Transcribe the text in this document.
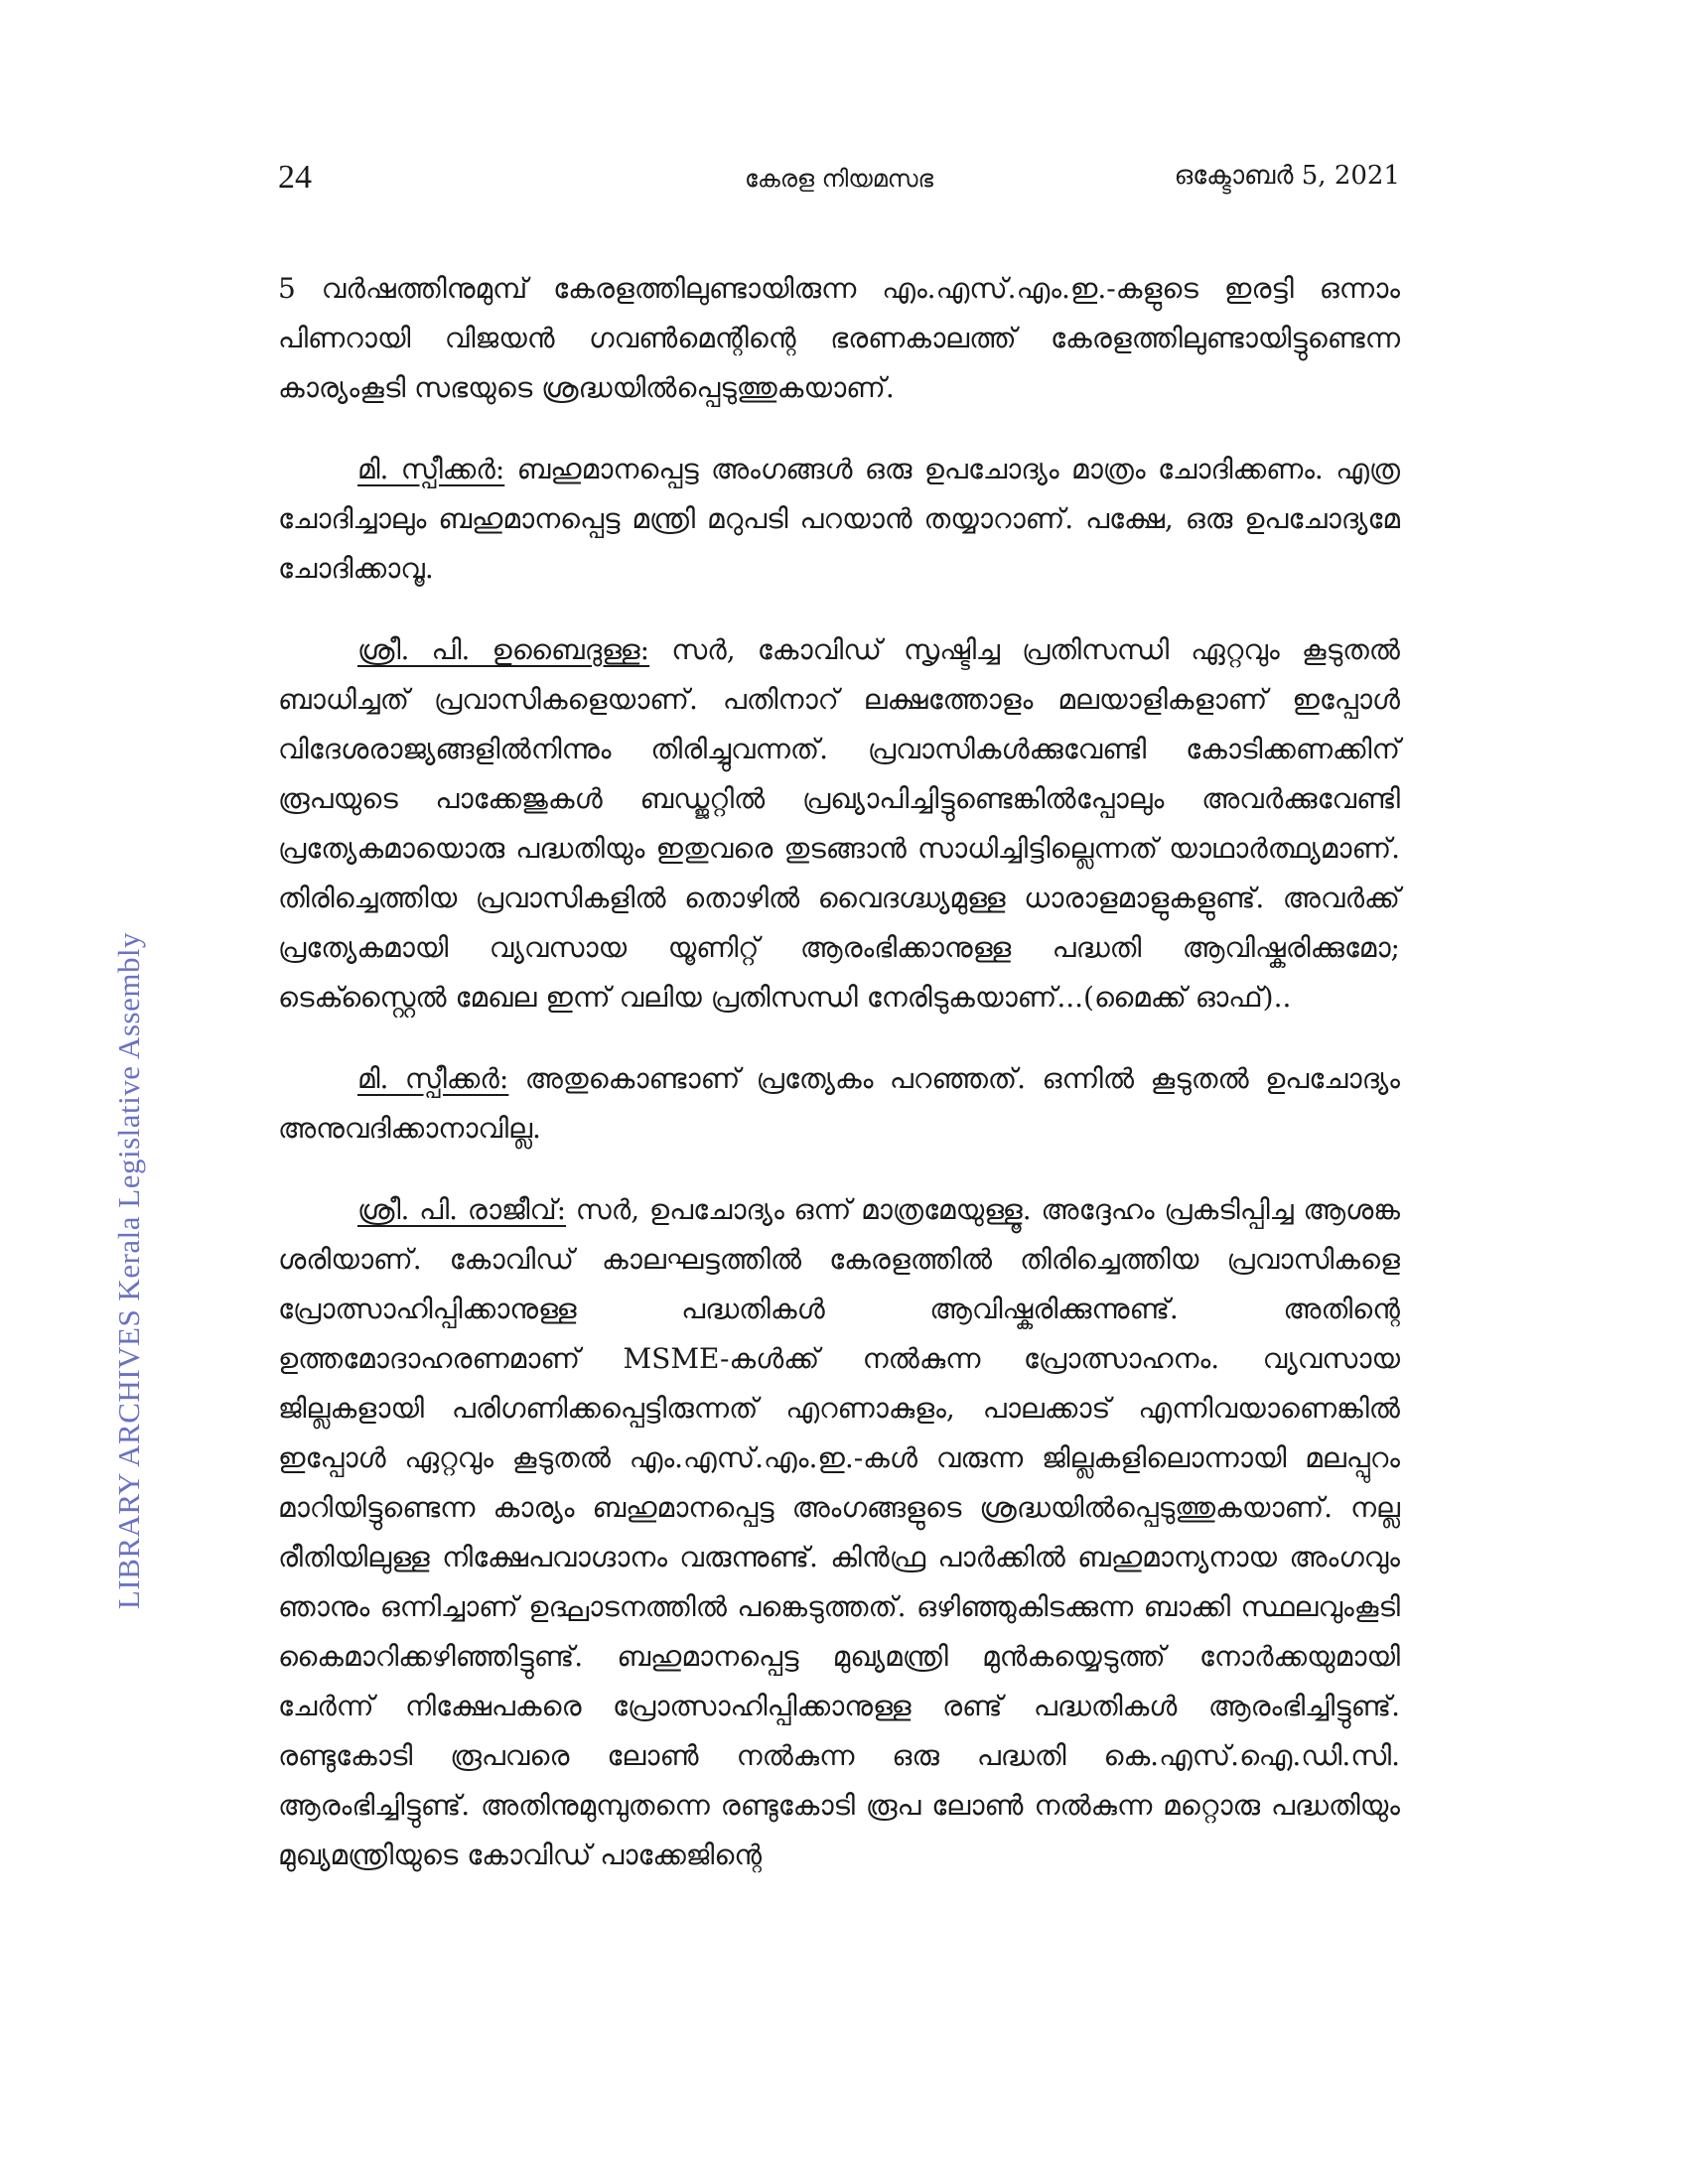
24	കേരള നിയമസഭ	ഒക്ടോബർ 5, 2021
LIBRARY ARCHIVES Kerala Legislative Assembly

5 വർഷത്തിനുമുമ്പ് കേരളത്തിലുണ്ടായിരുന്ന എം.എസ്.എം.ഇ.-കളുടെ ഇരട്ടി ഒന്നാം പിണറായി വിജയൻ ഗവൺമെന്റിന്റെ ഭരണകാലത്ത് കേരളത്തിലുണ്ടായിട്ടുണ്ടെന്ന കാര്യംകൂടി സഭയുടെ ശ്രദ്ധയിൽപ്പെടുത്തുകയാണ്.

മി. സ്പീക്കർ: ബഹുമാനപ്പെട്ട അംഗങ്ങൾ ഒരു ഉപചോദ്യം മാത്രം ചോദിക്കണം. എത്ര ചോദിച്ചാലും ബഹുമാനപ്പെട്ട മന്ത്രി മറുപടി പറയാൻ തയ്യാറാണ്. പക്ഷേ, ഒരു ഉപചോദ്യമേ ചോദിക്കാവൂ.

ശ്രീ. പി. ഉബൈദുള്ള: സർ, കോവിഡ് സൃഷ്ടിച്ച പ്രതിസന്ധി ഏറ്റവും കൂടുതൽ ബാധിച്ചത് പ്രവാസികളെയാണ്. പതിനാറ് ലക്ഷത്തോളം മലയാളികളാണ് ഇപ്പോൾ വിദേശരാജ്യങ്ങളിൽനിന്നും തിരിച്ചുവന്നത്. പ്രവാസികൾക്കുവേണ്ടി കോടിക്കണക്കിന് രൂപയുടെ പാക്കേജുകൾ ബഡ്ജറ്റിൽ പ്രഖ്യാപിച്ചിട്ടുണ്ടെങ്കിൽപ്പോലും അവർക്കുവേണ്ടി പ്രത്യേകമായൊരു പദ്ധതിയും ഇതുവരെ തുടങ്ങാൻ സാധിച്ചിട്ടില്ലെന്നത് യാഥാർത്ഥ്യമാണ്. തിരിച്ചെത്തിയ പ്രവാസികളിൽ തൊഴിൽ വൈദഗ്ദ്ധ്യമുള്ള ധാരാളമാളുകളുണ്ട്. അവർക്ക് പ്രത്യേകമായി വ്യവസായ യൂണിറ്റ് ആരംഭിക്കാനുള്ള പദ്ധതി ആവിഷ്കരിക്കുമോ; ടെക്സ്റ്റൈൽ മേഖല ഇന്ന് വലിയ പ്രതിസന്ധി നേരിടുകയാണ്...(മൈക്ക് ഓഫ്)..

മി. സ്പീക്കർ: അതുകൊണ്ടാണ് പ്രത്യേകം പറഞ്ഞത്. ഒന്നിൽ കൂടുതൽ ഉപചോദ്യം അനുവദിക്കാനാവില്ല.

ശ്രീ. പി. രാജീവ്: സർ, ഉപചോദ്യം ഒന്ന് മാത്രമേയുള്ളൂ. അദ്ദേഹം പ്രകടിപ്പിച്ച ആശങ്ക ശരിയാണ്. കോവിഡ് കാലഘട്ടത്തിൽ കേരളത്തിൽ തിരിച്ചെത്തിയ പ്രവാസികളെ പ്രോത്സാഹിപ്പിക്കാനുള്ള പദ്ധതികൾ ആവിഷ്കരിക്കുന്നുണ്ട്. അതിന്റെ ഉത്തമോദാഹരണമാണ് MSME-കൾക്ക് നൽകുന്ന പ്രോത്സാഹനം. വ്യവസായ ജില്ലകളായി പരിഗണിക്കപ്പെട്ടിരുന്നത് എറണാകുളം, പാലക്കാട് എന്നിവയാണെങ്കിൽ ഇപ്പോൾ ഏറ്റവും കൂടുതൽ എം.എസ്.എം.ഇ.-കൾ വരുന്ന ജില്ലകളിലൊന്നായി മലപ്പുറം മാറിയിട്ടുണ്ടെന്ന കാര്യം ബഹുമാനപ്പെട്ട അംഗങ്ങളുടെ ശ്രദ്ധയിൽപ്പെടുത്തുകയാണ്. നല്ല രീതിയിലുള്ള നിക്ഷേപവാഗ്ദാനം വരുന്നുണ്ട്. കിൻഫ്ര പാർക്കിൽ ബഹുമാന്യനായ അംഗവും ഞാനും ഒന്നിച്ചാണ് ഉദ്ഘാടനത്തിൽ പങ്കെടുത്തത്. ഒഴിഞ്ഞുകിടക്കുന്ന ബാക്കി സ്ഥലവുംകൂടി കൈമാറിക്കഴിഞ്ഞിട്ടുണ്ട്. ബഹുമാനപ്പെട്ട മുഖ്യമന്ത്രി മുൻകയ്യെടുത്ത് നോർക്കയുമായി ചേർന്ന് നിക്ഷേപകരെ പ്രോത്സാഹിപ്പിക്കാനുള്ള രണ്ട് പദ്ധതികൾ ആരംഭിച്ചിട്ടുണ്ട്. രണ്ടുകോടി രൂപവരെ ലോൺ നൽകുന്ന ഒരു പദ്ധതി കെ.എസ്.ഐ.ഡി.സി. ആരംഭിച്ചിട്ടുണ്ട്. അതിനുമുമ്പുതന്നെ രണ്ടുകോടി രൂപ ലോൺ നൽകുന്ന മറ്റൊരു പദ്ധതിയും മുഖ്യമന്ത്രിയുടെ കോവിഡ് പാക്കേജിന്റെ
